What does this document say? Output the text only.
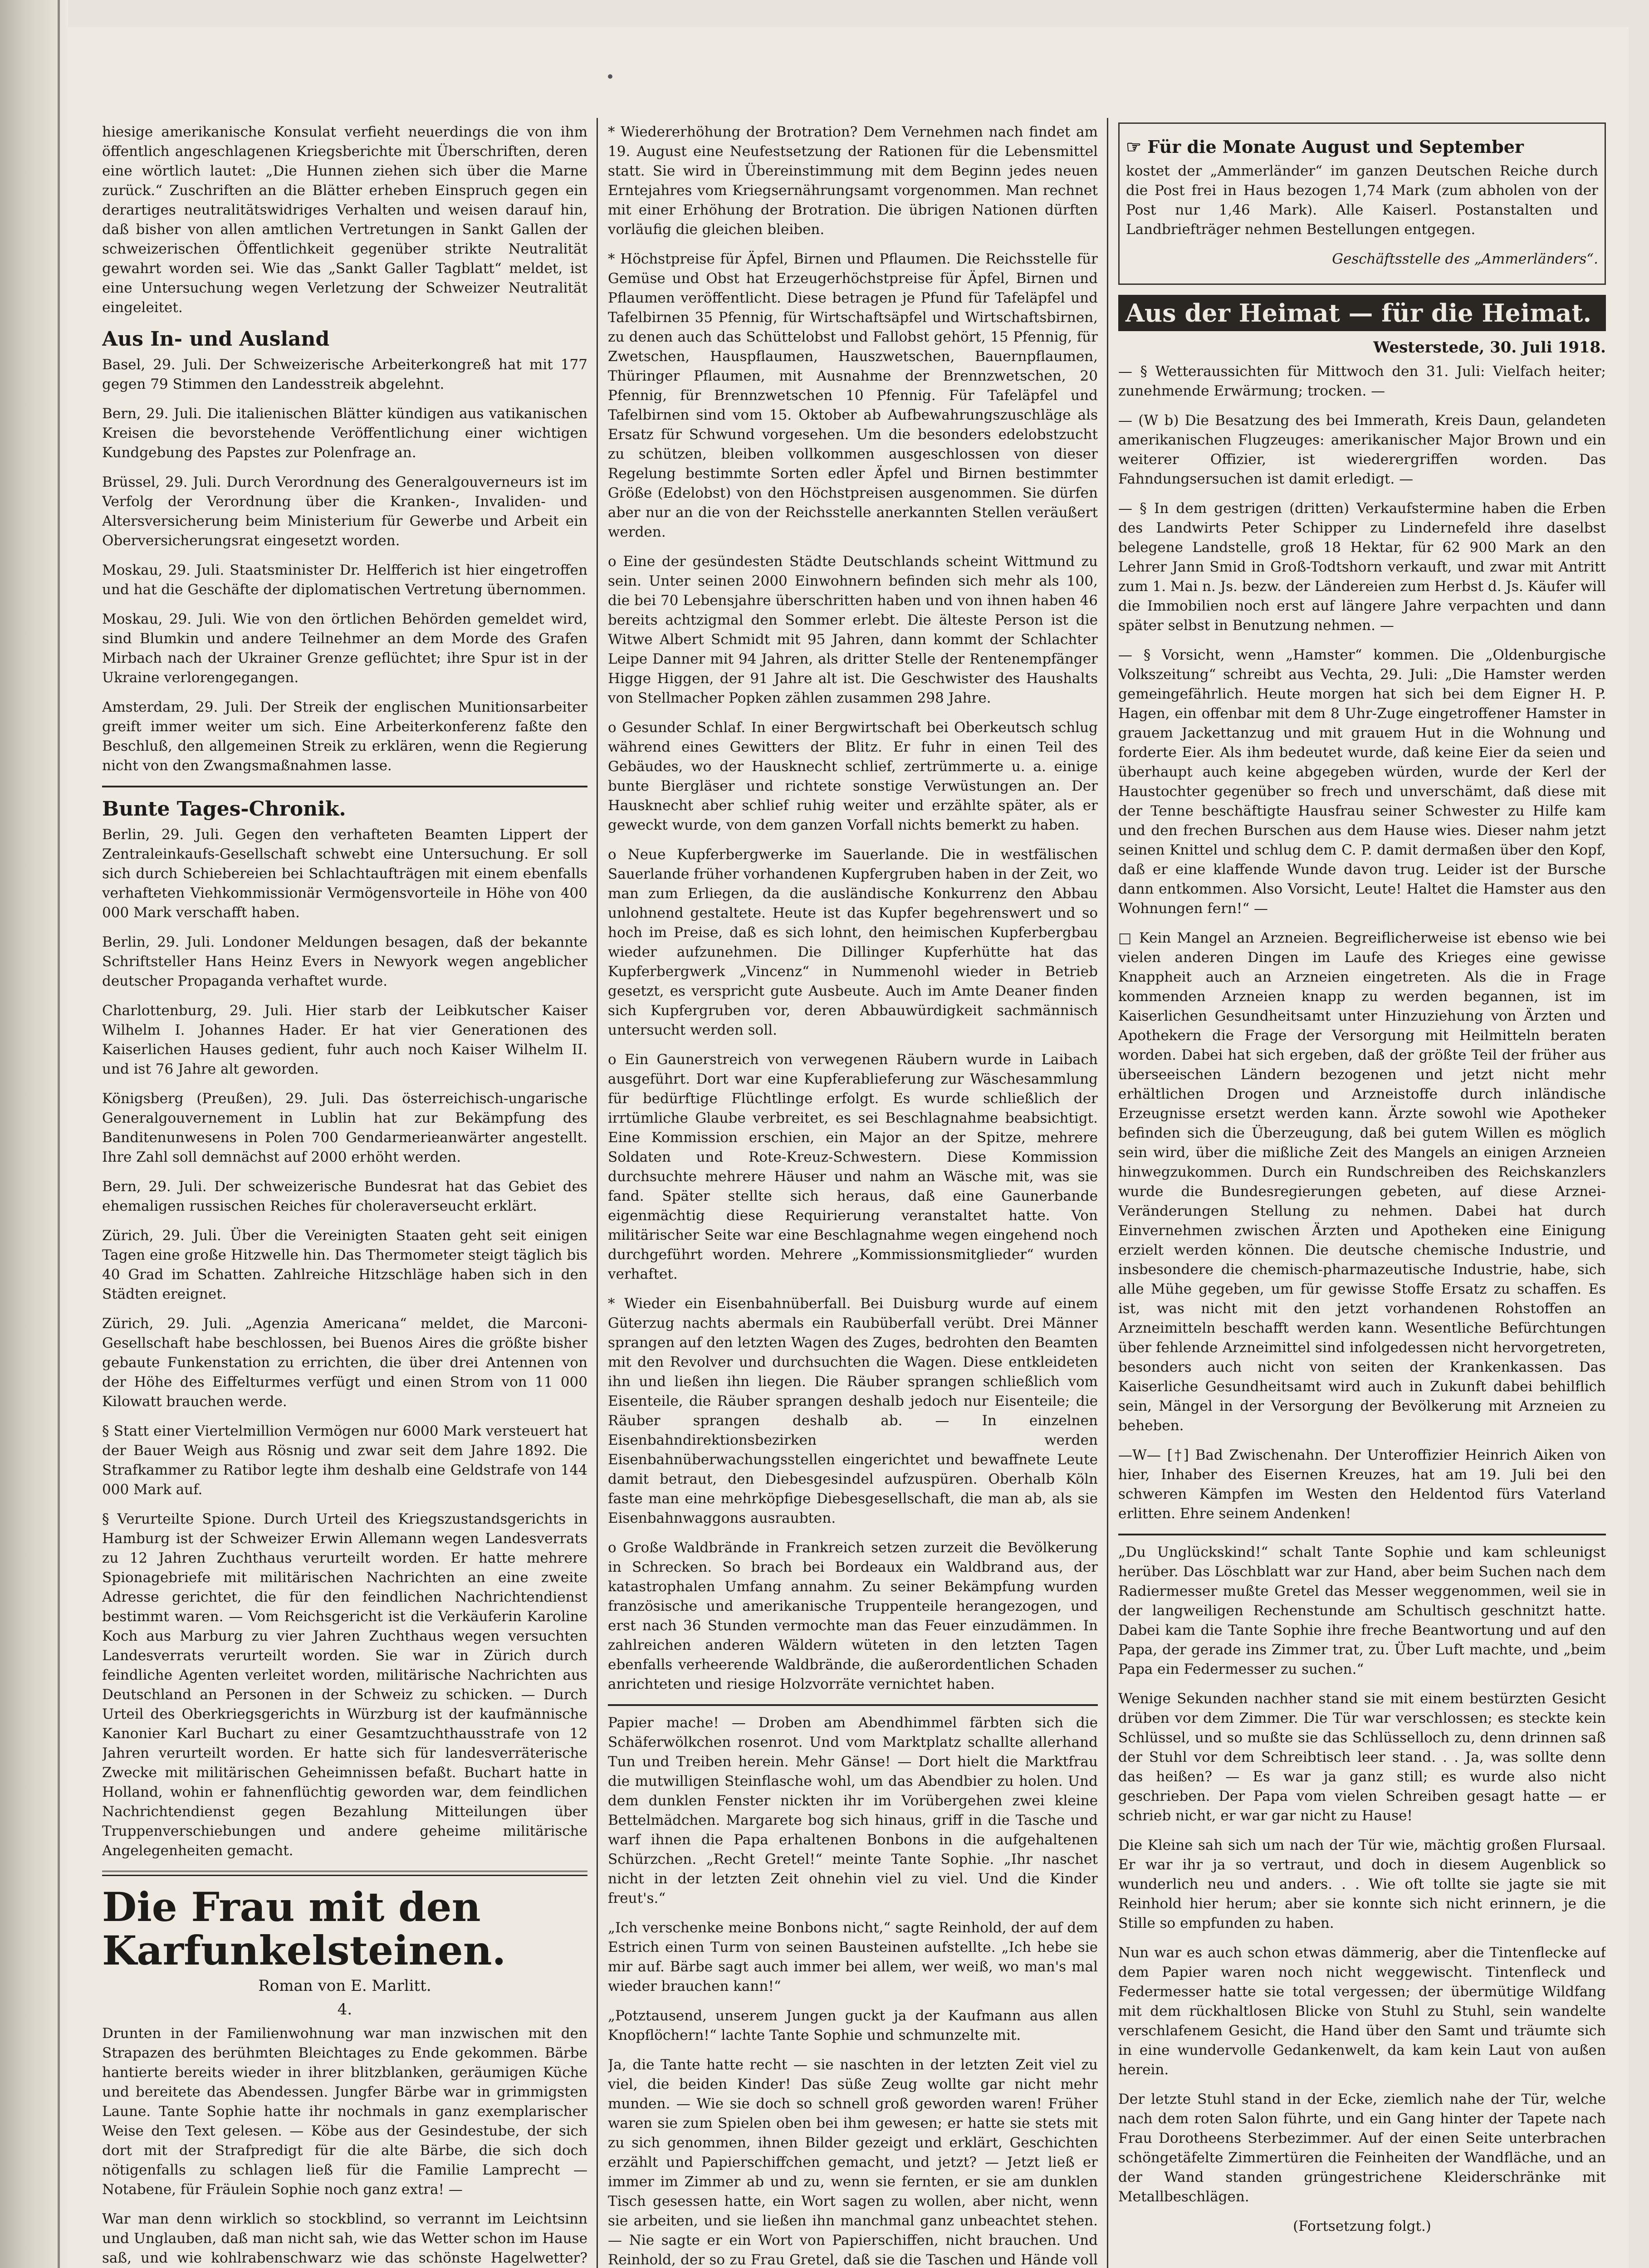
•

hiesige amerikanische Konsulat verfieht neuerdings die von ihm öffentlich angeschlagenen Kriegsberichte mit Überschriften, deren eine wörtlich lautet: „Die Hunnen ziehen sich über die Marne zurück.“ Zuschriften an die Blätter erheben Einspruch gegen ein derartiges neutralitätswidriges Verhalten und weisen darauf hin, daß bisher von allen amtlichen Vertretungen in Sankt Gallen der schweizerischen Öffentlichkeit gegenüber strikte Neutralität gewahrt worden sei. Wie das „Sankt Galler Tagblatt“ meldet, ist eine Untersuchung wegen Verletzung der Schweizer Neutralität eingeleitet.

Aus In- und Ausland

Basel, 29. Juli. Der Schweizerische Arbeiterkongreß hat mit 177 gegen 79 Stimmen den Landesstreik abgelehnt.

Bern, 29. Juli. Die italienischen Blätter kündigen aus vatikanischen Kreisen die bevorstehende Veröffentlichung einer wichtigen Kundgebung des Papstes zur Polenfrage an.

Brüssel, 29. Juli. Durch Verordnung des Generalgouverneurs ist im Verfolg der Verordnung über die Kranken-, Invaliden- und Altersversicherung beim Ministerium für Gewerbe und Arbeit ein Oberversicherungsrat eingesetzt worden.

Moskau, 29. Juli. Staatsminister Dr. Helfferich ist hier eingetroffen und hat die Geschäfte der diplomatischen Vertretung übernommen.

Moskau, 29. Juli. Wie von den örtlichen Behörden gemeldet wird, sind Blumkin und andere Teilnehmer an dem Morde des Grafen Mirbach nach der Ukrainer Grenze geflüchtet; ihre Spur ist in der Ukraine verlorengegangen.

Amsterdam, 29. Juli. Der Streik der englischen Munitionsarbeiter greift immer weiter um sich. Eine Arbeiterkonferenz faßte den Beschluß, den allgemeinen Streik zu erklären, wenn die Regierung nicht von den Zwangsmaßnahmen lasse.

Bunte Tages-Chronik.

Berlin, 29. Juli. Gegen den verhafteten Beamten Lippert der Zentraleinkaufs-Gesellschaft schwebt eine Untersuchung. Er soll sich durch Schiebereien bei Schlachtaufträgen mit einem ebenfalls verhafteten Viehkommissionär Vermögensvorteile in Höhe von 400 000 Mark verschafft haben.

Berlin, 29. Juli. Londoner Meldungen besagen, daß der bekannte Schriftsteller Hans Heinz Evers in Newyork wegen angeblicher deutscher Propaganda verhaftet wurde.

Charlottenburg, 29. Juli. Hier starb der Leibkutscher Kaiser Wilhelm I. Johannes Hader. Er hat vier Generationen des Kaiserlichen Hauses gedient, fuhr auch noch Kaiser Wilhelm II. und ist 76 Jahre alt geworden.

Königsberg (Preußen), 29. Juli. Das österreichisch-ungarische Generalgouvernement in Lublin hat zur Bekämpfung des Banditenunwesens in Polen 700 Gendarmerieanwärter angestellt. Ihre Zahl soll demnächst auf 2000 erhöht werden.

Bern, 29. Juli. Der schweizerische Bundesrat hat das Gebiet des ehemaligen russischen Reiches für choleraverseucht erklärt.

Zürich, 29. Juli. Über die Vereinigten Staaten geht seit einigen Tagen eine große Hitzwelle hin. Das Thermometer steigt täglich bis 40 Grad im Schatten. Zahlreiche Hitzschläge haben sich in den Städten ereignet.

Zürich, 29. Juli. „Agenzia Americana“ meldet, die Marconi-Gesellschaft habe beschlossen, bei Buenos Aires die größte bisher gebaute Funkenstation zu errichten, die über drei Antennen von der Höhe des Eiffelturmes verfügt und einen Strom von 11 000 Kilowatt brauchen werde.

§ Statt einer Viertelmillion Vermögen nur 6000 Mark versteuert hat der Bauer Weigh aus Rösnig und zwar seit dem Jahre 1892. Die Strafkammer zu Ratibor legte ihm deshalb eine Geldstrafe von 144 000 Mark auf.

§ Verurteilte Spione. Durch Urteil des Kriegszustandsgerichts in Hamburg ist der Schweizer Erwin Allemann wegen Landesverrats zu 12 Jahren Zuchthaus verurteilt worden. Er hatte mehrere Spionagebriefe mit militärischen Nachrichten an eine zweite Adresse gerichtet, die für den feindlichen Nachrichtendienst bestimmt waren. — Vom Reichsgericht ist die Verkäuferin Karoline Koch aus Marburg zu vier Jahren Zuchthaus wegen versuchten Landesverrats verurteilt worden. Sie war in Zürich durch feindliche Agenten verleitet worden, militärische Nachrichten aus Deutschland an Personen in der Schweiz zu schicken. — Durch Urteil des Oberkriegsgerichts in Würzburg ist der kaufmännische Kanonier Karl Buchart zu einer Gesamtzuchthausstrafe von 12 Jahren verurteilt worden. Er hatte sich für landesverräterische Zwecke mit militärischen Geheimnissen befaßt. Buchart hatte in Holland, wohin er fahnenflüchtig geworden war, dem feindlichen Nachrichtendienst gegen Bezahlung Mitteilungen über Truppenverschiebungen und andere geheime militärische Angelegenheiten gemacht.

Die Frau mit den Karfunkelsteinen.
Roman von E. Marlitt.
4.

Drunten in der Familienwohnung war man inzwischen mit den Strapazen des berühmten Bleichtages zu Ende gekommen. Bärbe hantierte bereits wieder in ihrer blitzblanken, geräumigen Küche und bereitete das Abendessen. Jungfer Bärbe war in grimmigsten Laune. Tante Sophie hatte ihr nochmals in ganz exemplarischer Weise den Text gelesen. — Köbe aus der Gesindestube, der sich dort mit der Strafpredigt für die alte Bärbe, die sich doch nötigenfalls zu schlagen ließ für die Familie Lamprecht — Notabene, für Fräulein Sophie noch ganz extra! —

War man denn wirklich so stockblind, so verrannt im Leichtsinn und Unglauben, daß man nicht sah, wie das Wetter schon im Hause saß, und wie kohlrabenschwarz wie das schönste Hagelwetter?

* Wiedererhöhung der Brotration? Dem Vernehmen nach findet am 19. August eine Neufestsetzung der Rationen für die Lebensmittel statt. Sie wird in Übereinstimmung mit dem Beginn jedes neuen Erntejahres vom Kriegsernährungsamt vorgenommen. Man rechnet mit einer Erhöhung der Brotration. Die übrigen Nationen dürften vorläufig die gleichen bleiben.

* Höchstpreise für Äpfel, Birnen und Pflaumen. Die Reichsstelle für Gemüse und Obst hat Erzeugerhöchstpreise für Äpfel, Birnen und Pflaumen veröffentlicht. Diese betragen je Pfund für Tafeläpfel und Tafelbirnen 35 Pfennig, für Wirtschaftsäpfel und Wirtschaftsbirnen, zu denen auch das Schüttelobst und Fallobst gehört, 15 Pfennig, für Zwetschen, Hauspflaumen, Hauszwetschen, Bauernpflaumen, Thüringer Pflaumen, mit Ausnahme der Brennzwetschen, 20 Pfennig, für Brennzwetschen 10 Pfennig. Für Tafeläpfel und Tafelbirnen sind vom 15. Oktober ab Aufbewahrungszuschläge als Ersatz für Schwund vorgesehen. Um die besonders edelobstzucht zu schützen, bleiben vollkommen ausgeschlossen von dieser Regelung bestimmte Sorten edler Äpfel und Birnen bestimmter Größe (Edelobst) von den Höchstpreisen ausgenommen. Sie dürfen aber nur an die von der Reichsstelle anerkannten Stellen veräußert werden.

o Eine der gesündesten Städte Deutschlands scheint Wittmund zu sein. Unter seinen 2000 Einwohnern befinden sich mehr als 100, die bei 70 Lebensjahre überschritten haben und von ihnen haben 46 bereits achtzigmal den Sommer erlebt. Die älteste Person ist die Witwe Albert Schmidt mit 95 Jahren, dann kommt der Schlachter Leipe Danner mit 94 Jahren, als dritter Stelle der Rentenempfänger Higge Higgen, der 91 Jahre alt ist. Die Geschwister des Haushalts von Stellmacher Popken zählen zusammen 298 Jahre.

o Gesunder Schlaf. In einer Bergwirtschaft bei Oberkeutsch schlug während eines Gewitters der Blitz. Er fuhr in einen Teil des Gebäudes, wo der Hausknecht schlief, zertrümmerte u. a. einige bunte Biergläser und richtete sonstige Verwüstungen an. Der Hausknecht aber schlief ruhig weiter und erzählte später, als er geweckt wurde, von dem ganzen Vorfall nichts bemerkt zu haben.

o Neue Kupferbergwerke im Sauerlande. Die in westfälischen Sauerlande früher vorhandenen Kupfergruben haben in der Zeit, wo man zum Erliegen, da die ausländische Konkurrenz den Abbau unlohnend gestaltete. Heute ist das Kupfer begehrenswert und so hoch im Preise, daß es sich lohnt, den heimischen Kupferbergbau wieder aufzunehmen. Die Dillinger Kupferhütte hat das Kupferbergwerk „Vincenz“ in Nummenohl wieder in Betrieb gesetzt, es verspricht gute Ausbeute. Auch im Amte Deaner finden sich Kupfergruben vor, deren Abbauwürdigkeit sachmännisch untersucht werden soll.

o Ein Gaunerstreich von verwegenen Räubern wurde in Laibach ausgeführt. Dort war eine Kupferablieferung zur Wäschesammlung für bedürftige Flüchtlinge erfolgt. Es wurde schließlich der irrtümliche Glaube verbreitet, es sei Beschlagnahme beabsichtigt. Eine Kommission erschien, ein Major an der Spitze, mehrere Soldaten und Rote-Kreuz-Schwestern. Diese Kommission durchsuchte mehrere Häuser und nahm an Wäsche mit, was sie fand. Später stellte sich heraus, daß eine Gaunerbande eigenmächtig diese Requirierung veranstaltet hatte. Von militärischer Seite war eine Beschlagnahme wegen eingehend noch durchgeführt worden. Mehrere „Kommissionsmitglieder“ wurden verhaftet.

* Wieder ein Eisenbahnüberfall. Bei Duisburg wurde auf einem Güterzug nachts abermals ein Raubüberfall verübt. Drei Männer sprangen auf den letzten Wagen des Zuges, bedrohten den Beamten mit den Revolver und durchsuchten die Wagen. Diese entkleideten ihn und ließen ihn liegen. Die Räuber sprangen schließlich vom Eisenteile, die Räuber sprangen deshalb jedoch nur Eisenteile; die Räuber sprangen deshalb ab. — In einzelnen Eisenbahndirektionsbezirken werden Eisenbahnüberwachungsstellen eingerichtet und bewaffnete Leute damit betraut, den Diebesgesindel aufzuspüren. Oberhalb Köln faste man eine mehrköpfige Diebesgesellschaft, die man ab, als sie Eisenbahnwaggons ausraubten.

o Große Waldbrände in Frankreich setzen zurzeit die Bevölkerung in Schrecken. So brach bei Bordeaux ein Waldbrand aus, der katastrophalen Umfang annahm. Zu seiner Bekämpfung wurden französische und amerikanische Truppenteile herangezogen, und erst nach 36 Stunden vermochte man das Feuer einzudämmen. In zahlreichen anderen Wäldern wüteten in den letzten Tagen ebenfalls verheerende Waldbrände, die außerordentlichen Schaden anrichteten und riesige Holzvorräte vernichtet haben.

Papier mache! — Droben am Abendhimmel färbten sich die Schäferwölkchen rosenrot. Und vom Marktplatz schallte allerhand Tun und Treiben herein. Mehr Gänse! — Dort hielt die Marktfrau die mutwilligen Steinflasche wohl, um das Abendbier zu holen. Und dem dunklen Fenster nickten ihr im Vorübergehen zwei kleine Bettelmädchen. Margarete bog sich hinaus, griff in die Tasche und warf ihnen die Papa erhaltenen Bonbons in die aufgehaltenen Schürzchen. „Recht Gretel!“ meinte Tante Sophie. „Ihr naschet nicht in der letzten Zeit ohnehin viel zu viel. Und die Kinder freut's.“

„Ich verschenke meine Bonbons nicht,“ sagte Reinhold, der auf dem Estrich einen Turm von seinen Bausteinen aufstellte. „Ich hebe sie mir auf. Bärbe sagt auch immer bei allem, wer weiß, wo man's mal wieder brauchen kann!“

„Potztausend, unserem Jungen guckt ja der Kaufmann aus allen Knopflöchern!“ lachte Tante Sophie und schmunzelte mit.

Ja, die Tante hatte recht — sie naschten in der letzten Zeit viel zu viel, die beiden Kinder! Das süße Zeug wollte gar nicht mehr munden. — Wie sie doch so schnell groß geworden waren! Früher waren sie zum Spielen oben bei ihm gewesen; er hatte sie stets mit zu sich genommen, ihnen Bilder gezeigt und erklärt, Geschichten erzählt und Papierschiffchen gemacht, und jetzt? — Jetzt ließ er immer im Zimmer ab und zu, wenn sie fernten, er sie am dunklen Tisch gesessen hatte, ein Wort sagen zu wollen, aber nicht, wenn sie arbeiten, und sie ließen ihn manchmal ganz unbeachtet stehen. — Nie sagte er ein Wort von Papierschiffen, nicht brauchen. Und Reinhold, der so zu Frau Gretel, daß sie die Taschen und Hände voll

☞ Für die Monate August und September

kostet der „Ammerländer“ im ganzen Deutschen Reiche durch die Post frei in Haus bezogen 1,74 Mark (zum abholen von der Post nur 1,46 Mark). Alle Kaiserl. Postanstalten und Landbriefträger nehmen Bestellungen entgegen.

Geschäftsstelle des „Ammerländers“.

Aus der Heimat — für die Heimat.
Westerstede, 30. Juli 1918.

— § Wetteraussichten für Mittwoch den 31. Juli: Vielfach heiter; zunehmende Erwärmung; trocken. —

— (W b) Die Besatzung des bei Immerath, Kreis Daun, gelandeten amerikanischen Flugzeuges: amerikanischer Major Brown und ein weiterer Offizier, ist wiederergriffen worden. Das Fahndungsersuchen ist damit erledigt. —

— § In dem gestrigen (dritten) Verkaufstermine haben die Erben des Landwirts Peter Schipper zu Lindernefeld ihre daselbst belegene Landstelle, groß 18 Hektar, für 62 900 Mark an den Lehrer Jann Smid in Groß-Todtshorn verkauft, und zwar mit Antritt zum 1. Mai n. Js. bezw. der Ländereien zum Herbst d. Js. Käufer will die Immobilien noch erst auf längere Jahre verpachten und dann später selbst in Benutzung nehmen. —

— § Vorsicht, wenn „Hamster“ kommen. Die „Oldenburgische Volkszeitung“ schreibt aus Vechta, 29. Juli: „Die Hamster werden gemeingefährlich. Heute morgen hat sich bei dem Eigner H. P. Hagen, ein offenbar mit dem 8 Uhr-Zuge eingetroffener Hamster in grauem Jackettanzug und mit grauem Hut in die Wohnung und forderte Eier. Als ihm bedeutet wurde, daß keine Eier da seien und überhaupt auch keine abgegeben würden, wurde der Kerl der Haustochter gegenüber so frech und unverschämt, daß diese mit der Tenne beschäftigte Hausfrau seiner Schwester zu Hilfe kam und den frechen Burschen aus dem Hause wies. Dieser nahm jetzt seinen Knittel und schlug dem C. P. damit dermaßen über den Kopf, daß er eine klaffende Wunde davon trug. Leider ist der Bursche dann entkommen. Also Vorsicht, Leute! Haltet die Hamster aus den Wohnungen fern!“ —

□ Kein Mangel an Arzneien. Begreiflicherweise ist ebenso wie bei vielen anderen Dingen im Laufe des Krieges eine gewisse Knappheit auch an Arzneien eingetreten. Als die in Frage kommenden Arzneien knapp zu werden begannen, ist im Kaiserlichen Gesundheitsamt unter Hinzuziehung von Ärzten und Apothekern die Frage der Versorgung mit Heilmitteln beraten worden. Dabei hat sich ergeben, daß der größte Teil der früher aus überseeischen Ländern bezogenen und jetzt nicht mehr erhältlichen Drogen und Arzneistoffe durch inländische Erzeugnisse ersetzt werden kann. Ärzte sowohl wie Apotheker befinden sich die Überzeugung, daß bei gutem Willen es möglich sein wird, über die mißliche Zeit des Mangels an einigen Arzneien hinwegzukommen. Durch ein Rundschreiben des Reichskanzlers wurde die Bundesregierungen gebeten, auf diese Arznei-Veränderungen Stellung zu nehmen. Dabei hat durch Einvernehmen zwischen Ärzten und Apotheken eine Einigung erzielt werden können. Die deutsche chemische Industrie, und insbesondere die chemisch-pharmazeutische Industrie, habe, sich alle Mühe gegeben, um für gewisse Stoffe Ersatz zu schaffen. Es ist, was nicht mit den jetzt vorhandenen Rohstoffen an Arzneimitteln beschafft werden kann. Wesentliche Befürchtungen über fehlende Arzneimittel sind infolgedessen nicht hervorgetreten, besonders auch nicht von seiten der Krankenkassen. Das Kaiserliche Gesundheitsamt wird auch in Zukunft dabei behilflich sein, Mängel in der Versorgung der Bevölkerung mit Arzneien zu beheben.

—W— [†] Bad Zwischenahn. Der Unteroffizier Heinrich Aiken von hier, Inhaber des Eisernen Kreuzes, hat am 19. Juli bei den schweren Kämpfen im Westen den Heldentod fürs Vaterland erlitten. Ehre seinem Andenken!

„Du Unglückskind!“ schalt Tante Sophie und kam schleunigst herüber. Das Löschblatt war zur Hand, aber beim Suchen nach dem Radiermesser mußte Gretel das Messer weggenommen, weil sie in der langweiligen Rechenstunde am Schultisch geschnitzt hatte. Dabei kam die Tante Sophie ihre freche Beantwortung und auf den Papa, der gerade ins Zimmer trat, zu. Über Luft machte, und „beim Papa ein Federmesser zu suchen.“

Wenige Sekunden nachher stand sie mit einem bestürzten Gesicht drüben vor dem Zimmer. Die Tür war verschlossen; es steckte kein Schlüssel, und so mußte sie das Schlüsselloch zu, denn drinnen saß der Stuhl vor dem Schreibtisch leer stand. . . Ja, was sollte denn das heißen? — Es war ja ganz still; es wurde also nicht geschrieben. Der Papa vom vielen Schreiben gesagt hatte — er schrieb nicht, er war gar nicht zu Hause!

Die Kleine sah sich um nach der Tür wie, mächtig großen Flursaal. Er war ihr ja so vertraut, und doch in diesem Augenblick so wunderlich neu und anders. . . Wie oft tollte sie jagte sie mit Reinhold hier herum; aber sie konnte sich nicht erinnern, je die Stille so empfunden zu haben.

Nun war es auch schon etwas dämmerig, aber die Tintenflecke auf dem Papier waren noch nicht weggewischt. Tintenfleck und Federmesser hatte sie total vergessen; der übermütige Wildfang mit dem rückhaltlosen Blicke von Stuhl zu Stuhl, sein wandelte verschlafenem Gesicht, die Hand über den Samt und träumte sich in eine wundervolle Gedankenwelt, da kam kein Laut von außen herein.

Der letzte Stuhl stand in der Ecke, ziemlich nahe der Tür, welche nach dem roten Salon führte, und ein Gang hinter der Tapete nach Frau Dorotheens Sterbezimmer. Auf der einen Seite unterbrachen schöngetäfelte Zimmertüren die Feinheiten der Wandfläche, und an der Wand standen grüngestrichene Kleiderschränke mit Metallbeschlägen.

(Fortsetzung folgt.)
